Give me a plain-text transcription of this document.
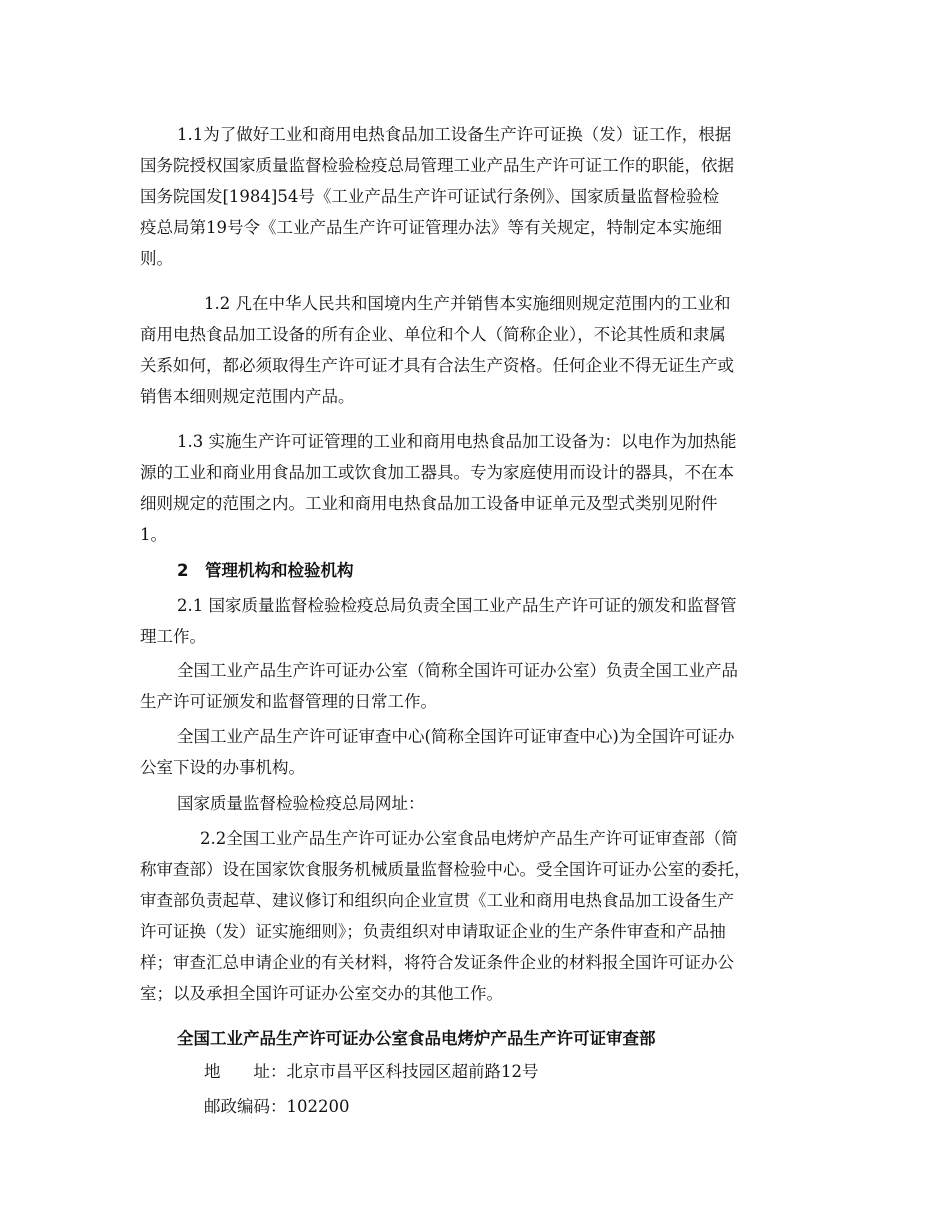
1.1为了做好工业和商用电热食品加工设备生产许可证换（发）证工作，根据
国务院授权国家质量监督检验检疫总局管理工业产品生产许可证工作的职能，依据
国务院国发[1984]54号《工业产品生产许可证试行条例》、国家质量监督检验检
疫总局第19号令《工业产品生产许可证管理办法》等有关规定，特制定本实施细
则。
1.2 凡在中华人民共和国境内生产并销售本实施细则规定范围内的工业和
商用电热食品加工设备的所有企业、单位和个人（简称企业），不论其性质和隶属
关系如何，都必须取得生产许可证才具有合法生产资格。任何企业不得无证生产或
销售本细则规定范围内产品。
1.3 实施生产许可证管理的工业和商用电热食品加工设备为：以电作为加热能
源的工业和商业用食品加工或饮食加工器具。专为家庭使用而设计的器具，不在本
细则规定的范围之内。工业和商用电热食品加工设备申证单元及型式类别见附件
1。
2　管理机构和检验机构
2.1 国家质量监督检验检疫总局负责全国工业产品生产许可证的颁发和监督管
理工作。
全国工业产品生产许可证办公室（简称全国许可证办公室）负责全国工业产品
生产许可证颁发和监督管理的日常工作。
全国工业产品生产许可证审查中心(简称全国许可证审查中心)为全国许可证办
公室下设的办事机构。
国家质量监督检验检疫总局网址：
2.2全国工业产品生产许可证办公室食品电烤炉产品生产许可证审查部（简
称审查部）设在国家饮食服务机械质量监督检验中心。受全国许可证办公室的委托，
审查部负责起草、建议修订和组织向企业宣贯《工业和商用电热食品加工设备生产
许可证换（发）证实施细则》；负责组织对申请取证企业的生产条件审查和产品抽
样；审查汇总申请企业的有关材料，将符合发证条件企业的材料报全国许可证办公
室；以及承担全国许可证办公室交办的其他工作。
全国工业产品生产许可证办公室食品电烤炉产品生产许可证审查部
地　　址：北京市昌平区科技园区超前路12号
邮政编码：102200
